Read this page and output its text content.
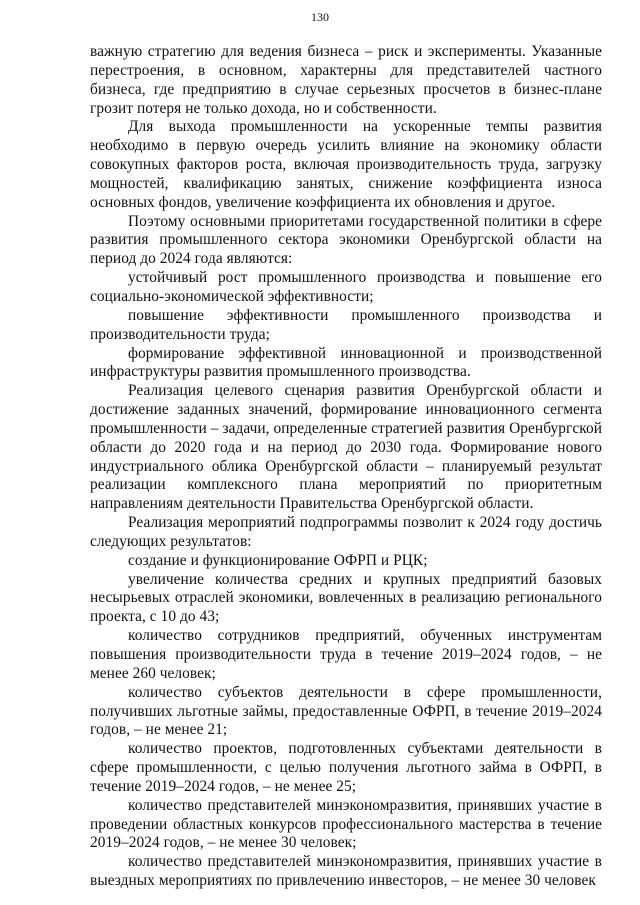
130

важную стратегию для ведения бизнеса – риск и эксперименты. Указанные перестроения, в основном, характерны для представителей частного бизнеса, где предприятию в случае серьезных просчетов в бизнес-плане грозит потеря не только дохода, но и собственности.

Для выхода промышленности на ускоренные темпы развития необходимо в первую очередь усилить влияние на экономику области совокупных факторов роста, включая производительность труда, загрузку мощностей, квалификацию занятых, снижение коэффициента износа основных фондов, увеличение коэффициента их обновления и другое.

Поэтому основными приоритетами государственной политики в сфере развития промышленного сектора экономики Оренбургской области на период до 2024 года являются:

устойчивый рост промышленного производства и повышение его социально-экономической эффективности;

повышение эффективности промышленного производства и производительности труда;

формирование эффективной инновационной и производственной инфраструктуры развития промышленного производства.

Реализация целевого сценария развития Оренбургской области и достижение заданных значений, формирование инновационного сегмента промышленности – задачи, определенные стратегией развития Оренбургской области до 2020 года и на период до 2030 года. Формирование нового индустриального облика Оренбургской области – планируемый результат реализации комплексного плана мероприятий по приоритетным направлениям деятельности Правительства Оренбургской области.

Реализация мероприятий подпрограммы позволит к 2024 году достичь следующих результатов:

создание и функционирование ОФРП и РЦК;

увеличение количества средних и крупных предприятий базовых несырьевых отраслей экономики, вовлеченных в реализацию регионального проекта, с 10 до 43;

количество сотрудников предприятий, обученных инструментам повышения производительности труда в течение 2019–2024 годов, – не менее 260 человек;

количество субъектов деятельности в сфере промышленности, получивших льготные займы, предоставленные ОФРП, в течение 2019–2024 годов, – не менее 21;

количество проектов, подготовленных субъектами деятельности в сфере промышленности, с целью получения льготного займа в ОФРП, в течение 2019–2024 годов, – не менее 25;

количество представителей минэкономразвития, принявших участие в проведении областных конкурсов профессионального мастерства в течение 2019–2024 годов, – не менее 30 человек;

количество представителей минэкономразвития, принявших участие в выездных мероприятиях по привлечению инвесторов, – не менее 30 человек
